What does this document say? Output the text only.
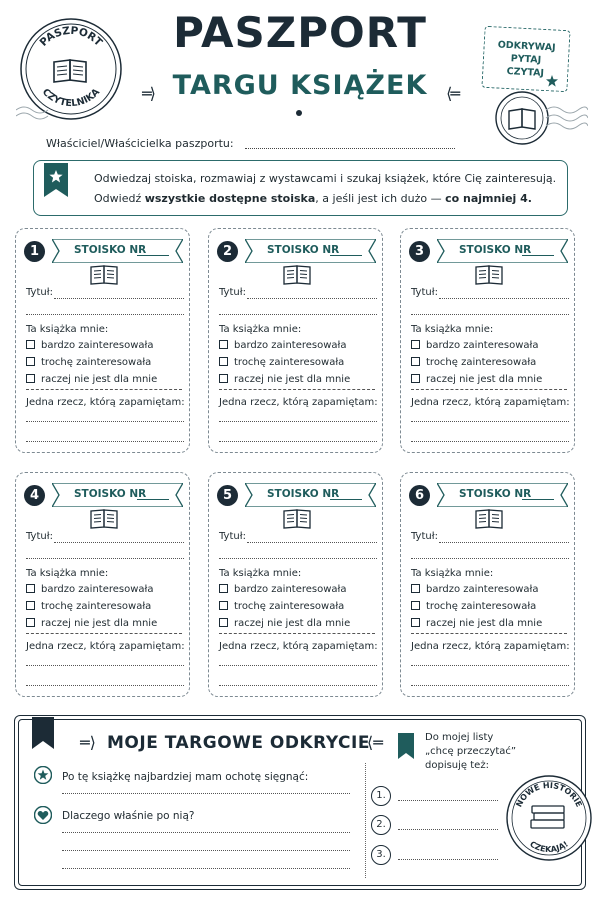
PASZPORT
CZYTELNIKA
PASZPORT
═⟩ TARGU KSIĄŻEK	⟨═
ODKRYWAJ
PYTAJ
CZYTAJ
Właściciel/Właścicielka paszportu:
Odwiedzaj stoiska, rozmawiaj z wystawcami i szukaj książek, które Cię zainteresują.
Odwiedź wszystkie dostępne stoiska, a jeśli jest ich dużo — co najmniej 4.
1	STOISKO NR
Tytuł:
Ta książka mnie:
bardzo zainteresowała
trochę zainteresowała
raczej nie jest dla mnie
Jedna rzecz, którą zapamiętam:
2	STOISKO NR
Tytuł:
Ta książka mnie:
bardzo zainteresowała
trochę zainteresowała
raczej nie jest dla mnie
Jedna rzecz, którą zapamiętam:
3	STOISKO NR
Tytuł:
Ta książka mnie:
bardzo zainteresowała
trochę zainteresowała
raczej nie jest dla mnie
Jedna rzecz, którą zapamiętam:
4	STOISKO NR
Tytuł:
Ta książka mnie:
bardzo zainteresowała
trochę zainteresowała
raczej nie jest dla mnie
Jedna rzecz, którą zapamiętam:
5	STOISKO NR
Tytuł:
Ta książka mnie:
bardzo zainteresowała
trochę zainteresowała
raczej nie jest dla mnie
Jedna rzecz, którą zapamiętam:
6	STOISKO NR
Tytuł:
Ta książka mnie:
bardzo zainteresowała
trochę zainteresowała
raczej nie jest dla mnie
Jedna rzecz, którą zapamiętam:
═⟩ MOJE TARGOWE ODKRYCIE
⟨═
Po tę książkę najbardziej mam ochotę sięgnąć:
Dlaczego właśnie po nią?
Do mojej listy
„chcę przeczytać”
dopisuję też:
1.
2.
3.
NOWE HISTORIE
CZEKAJĄ!
